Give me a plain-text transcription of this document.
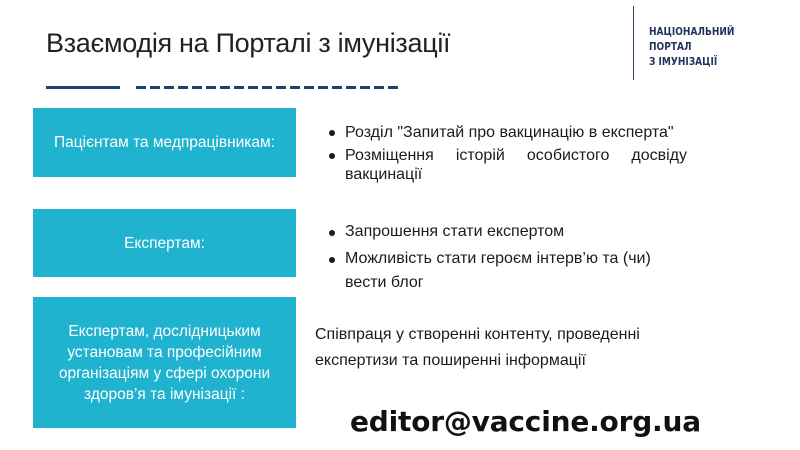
Взаємодія на Порталі з імунізації	НАЦІОНАЛЬНИЙ
ПОРТАЛ
З ІМУНІЗАЦІЇ
Пацієнтам та медпрацівникам:
Розділ "Запитай про вакцинацію в експерта"
Розміщення історій особистого досвіду вакцинації
Експертам:
Запрошення стати експертом
Можливість стати героєм інтерв’ю та (чи) вести блог
Експертам, дослідницьким установам та професійним організаціям у сфері охорони здоров’я та імунізації :
Співпраця у створенні контенту, проведенні експертизи та поширенні інформації
editor@vaccine.org.ua
